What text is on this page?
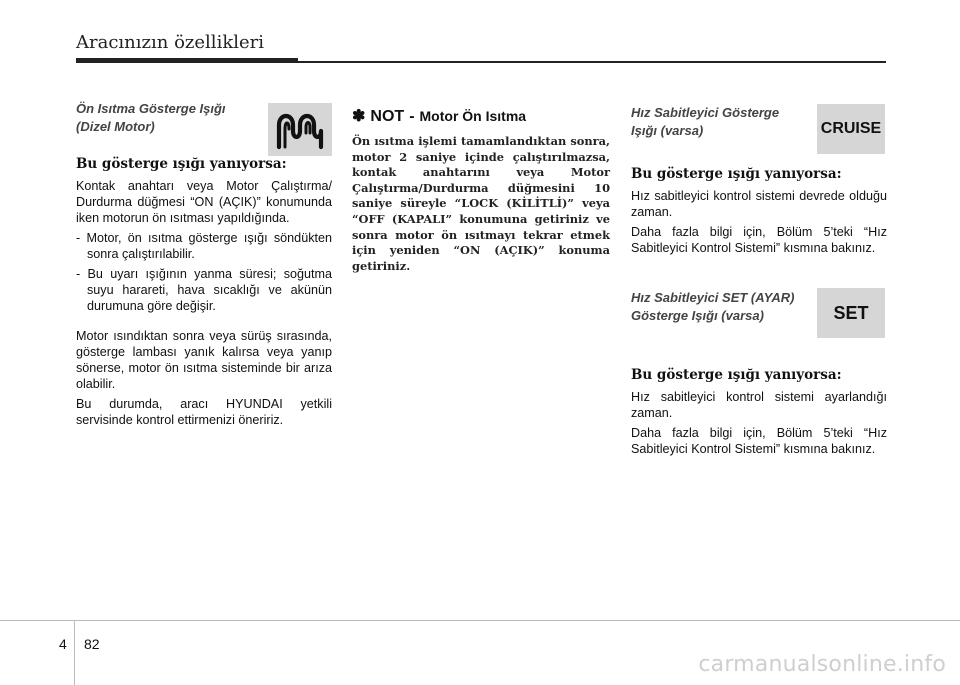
Aracınızın özellikleri
Ön Isıtma Gösterge Işığı
(Dizel Motor)
Bu gösterge ışığı yanıyorsa:

Kontak anahtarı veya Motor Çalıştırma/ Durdurma düğmesi “ON (AÇIK)” konumunda iken motorun ön ısıtması yapıldığında.

- Motor, ön ısıtma gösterge ışığı söndükten sonra çalıştırılabilir.

- Bu uyarı ışığının yanma süresi; soğutma suyu harareti, hava sıcaklığı ve akünün durumuna göre değişir.

Motor ısındıktan sonra veya sürüş sırasında, gösterge lambası yanık kalırsa veya yanıp sönerse, motor ön ısıtma sisteminde bir arıza olabilir.

Bu durumda, aracı HYUNDAI yetkili servisinde kontrol ettirmenizi öneririz.

✽ NOT - Motor Ön Isıtma

Ön ısıtma işlemi tamamlandıktan sonra, motor 2 saniye içinde çalıştırılmazsa, kontak anahtarını veya Motor Çalıştırma/Durdurma düğmesini 10 saniye süreyle “LOCK (KİLİTLİ)” veya “OFF (KAPALI” konumuna getiriniz ve sonra motor ön ısıtmayı tekrar etmek için yeniden “ON (AÇIK)” konuma getiriniz.

Hız Sabitleyici Gösterge
Işığı (varsa)
Bu gösterge ışığı yanıyorsa:

Hız sabitleyici kontrol sistemi devrede olduğu zaman.

Daha fazla bilgi için, Bölüm 5’teki “Hız Sabitleyici Kontrol Sistemi” kısmına bakınız.

CRUISE
Hız Sabitleyici SET (AYAR)
Gösterge Işığı (varsa)
Bu gösterge ışığı yanıyorsa:

Hız sabitleyici kontrol sistemi ayarlandığı zaman.

Daha fazla bilgi için, Bölüm 5’teki “Hız Sabitleyici Kontrol Sistemi” kısmına bakınız.

SET
4 82
carmanualsonline.info
